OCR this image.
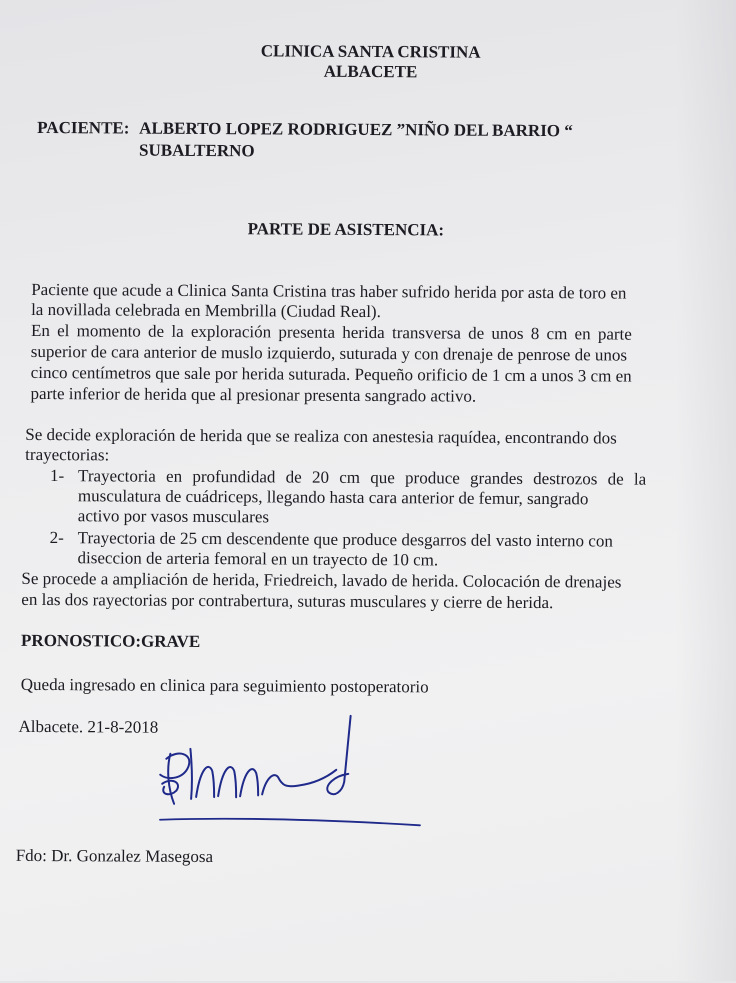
CLINICA SANTA CRISTINA
ALBACETE
PACIENTE: ALBERTO LOPEZ RODRIGUEZ ”NIÑO DEL BARRIO “
SUBALTERNO
PARTE DE ASISTENCIA:
Paciente que acude a Clinica Santa Cristina tras haber sufrido herida por asta de toro en
la novillada celebrada en Membrilla (Ciudad Real).
En el momento de la exploración presenta herida transversa de unos 8 cm en parte
superior de cara anterior de muslo izquierdo, suturada y con drenaje de penrose de unos
cinco centímetros que sale por herida suturada. Pequeño orificio de 1 cm a unos 3 cm en
parte inferior de herida que al presionar presenta sangrado activo.
Se decide exploración de herida que se realiza con anestesia raquídea, encontrando dos
trayectorias:
1- Trayectoria en profundidad de 20 cm que produce grandes destrozos de la
musculatura de cuádriceps, llegando hasta cara anterior de femur, sangrado
activo por vasos musculares
2- Trayectoria de 25 cm descendente que produce desgarros del vasto interno con
diseccion de arteria femoral en un trayecto de 10 cm.
Se procede a ampliación de herida, Friedreich, lavado de herida. Colocación de drenajes
en las dos rayectorias por contrabertura, suturas musculares y cierre de herida.
PRONOSTICO:GRAVE
Queda ingresado en clinica para seguimiento postoperatorio
Albacete. 21-8-2018
Fdo: Dr. Gonzalez Masegosa
